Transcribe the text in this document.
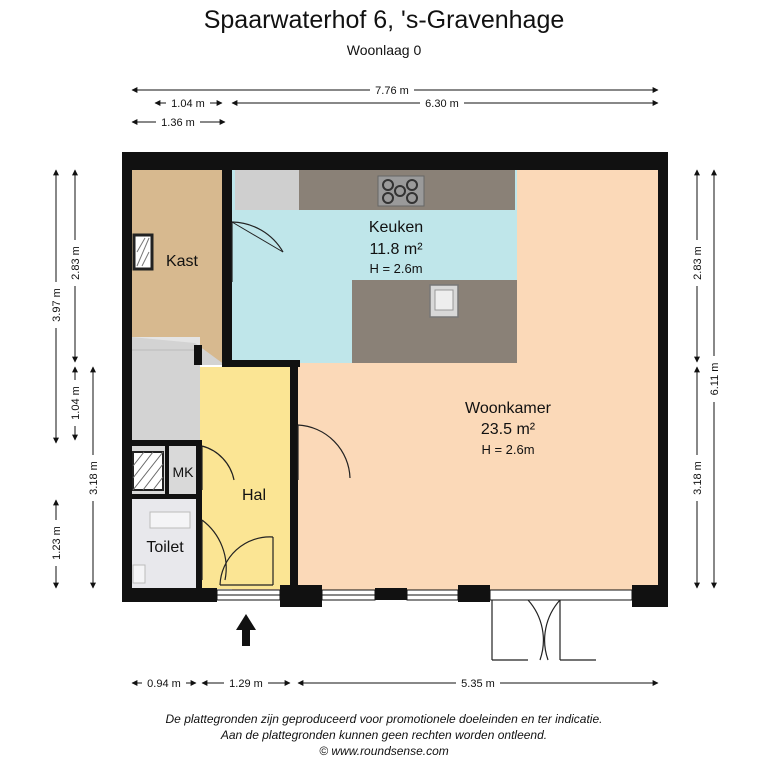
Spaarwaterhof 6, 's-Gravenhage
Woonlaag 0
Keuken
11.8 m²
H = 2.6m
Woonkamer
23.5 m²
H = 2.6m
Kast
Hal
MK
Toilet
7.76 m
1.04 m	6.30 m
1.36 m
3.97 m
2.83 m
1.04 m
3.18 m
1.23 m
2.83 m
6.11 m
3.18 m
0.94 m	1.29 m	5.35 m
De plattegronden zijn geproduceerd voor promotionele doeleinden en ter indicatie.
Aan de plattegronden kunnen geen rechten worden ontleend.
© www.roundsense.com
